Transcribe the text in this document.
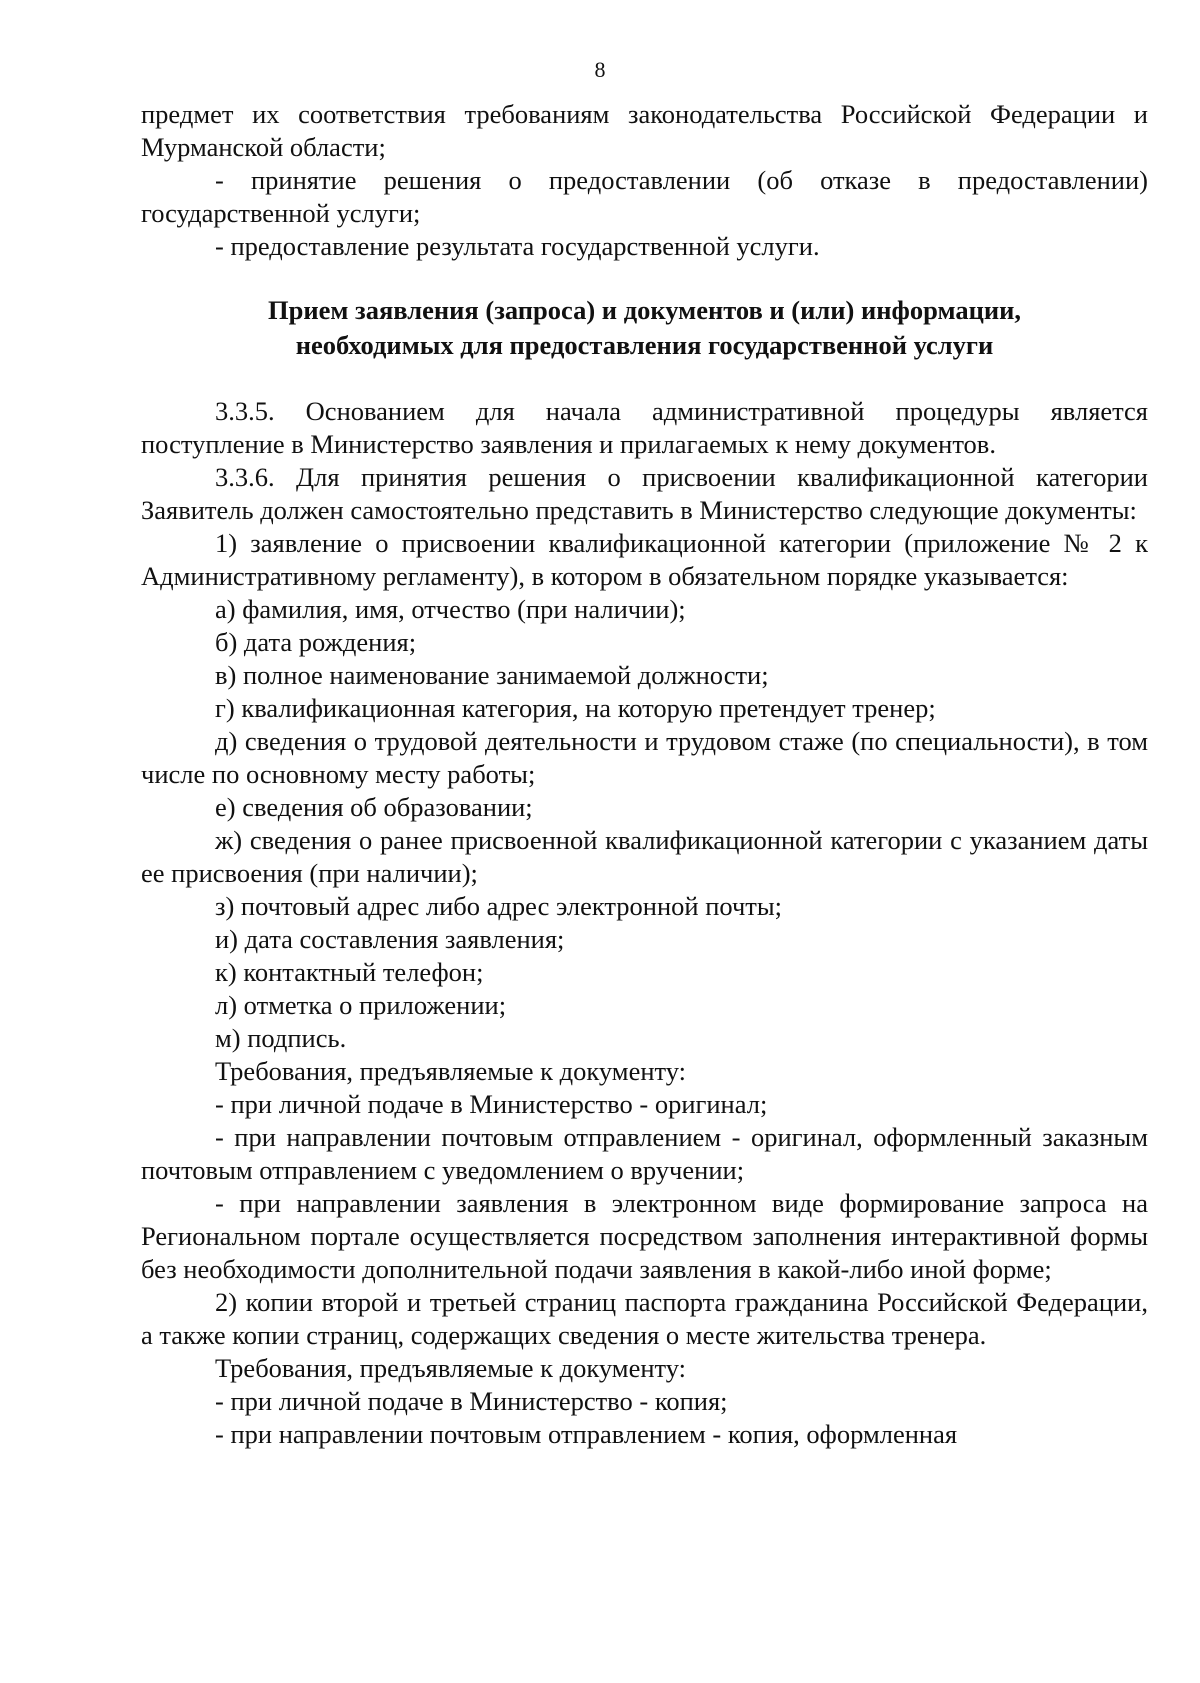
8

предмет их соответствия требованиям законодательства Российской Федерации и Мурманской области;

- принятие решения о предоставлении (об отказе в предоставлении) государственной услуги;

- предоставление результата государственной услуги.

Прием заявления (запроса) и документов и (или) информации,
необходимых для предоставления государственной услуги

3.3.5. Основанием для начала административной процедуры является поступление в Министерство заявления и прилагаемых к нему документов.

3.3.6. Для принятия решения о присвоении квалификационной категории Заявитель должен самостоятельно представить в Министерство следующие документы:

1) заявление о присвоении квалификационной категории (приложение № 2 к Административному регламенту), в котором в обязательном порядке указывается:

а) фамилия, имя, отчество (при наличии);

б) дата рождения;

в) полное наименование занимаемой должности;

г) квалификационная категория, на которую претендует тренер;

д) сведения о трудовой деятельности и трудовом стаже (по специальности), в том числе по основному месту работы;

е) сведения об образовании;

ж) сведения о ранее присвоенной квалификационной категории с указанием даты ее присвоения (при наличии);

з) почтовый адрес либо адрес электронной почты;

и) дата составления заявления;

к) контактный телефон;

л) отметка о приложении;

м) подпись.

Требования, предъявляемые к документу:

- при личной подаче в Министерство - оригинал;

- при направлении почтовым отправлением - оригинал, оформленный заказным почтовым отправлением с уведомлением о вручении;

- при направлении заявления в электронном виде формирование запроса на Региональном портале осуществляется посредством заполнения интерактивной формы без необходимости дополнительной подачи заявления в какой-либо иной форме;

2) копии второй и третьей страниц паспорта гражданина Российской Федерации, а также копии страниц, содержащих сведения о месте жительства тренера.

Требования, предъявляемые к документу:

- при личной подаче в Министерство - копия;

- при направлении почтовым отправлением - копия, оформленная
